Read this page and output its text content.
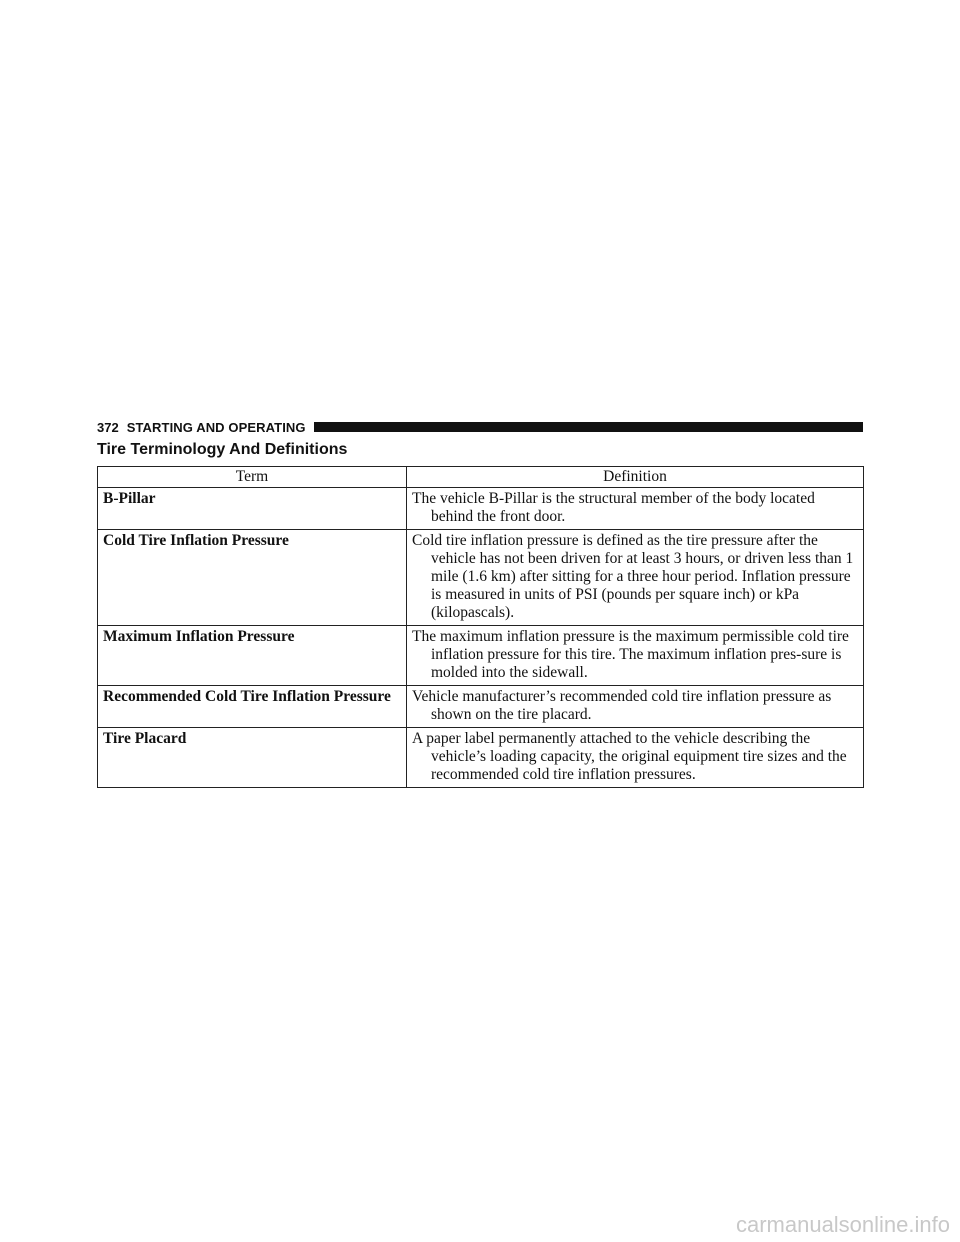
372 STARTING AND OPERATING
Tire Terminology And Definitions
Term	Definition
B-Pillar	The vehicle B-Pillar is the structural member of the body located behind the front door.
Cold Tire Inflation Pressure	Cold tire inflation pressure is defined as the tire pressure after the vehicle has not been driven for at least 3 hours, or driven less than 1 mile (1.6 km) after sitting for a three hour period. Inflation pressure is measured in units of PSI (pounds per square inch) or kPa (kilopascals).
Maximum Inflation Pressure	The maximum inflation pressure is the maximum permissible cold tire inflation pressure for this tire. The maximum inflation pres-sure is molded into the sidewall.
Recommended Cold Tire Inflation Pressure	Vehicle manufacturer’s recommended cold tire inflation pressure as shown on the tire placard.
Tire Placard	A paper label permanently attached to the vehicle describing the vehicle’s loading capacity, the original equipment tire sizes and the recommended cold tire inflation pressures.
carmanualsonline.info
